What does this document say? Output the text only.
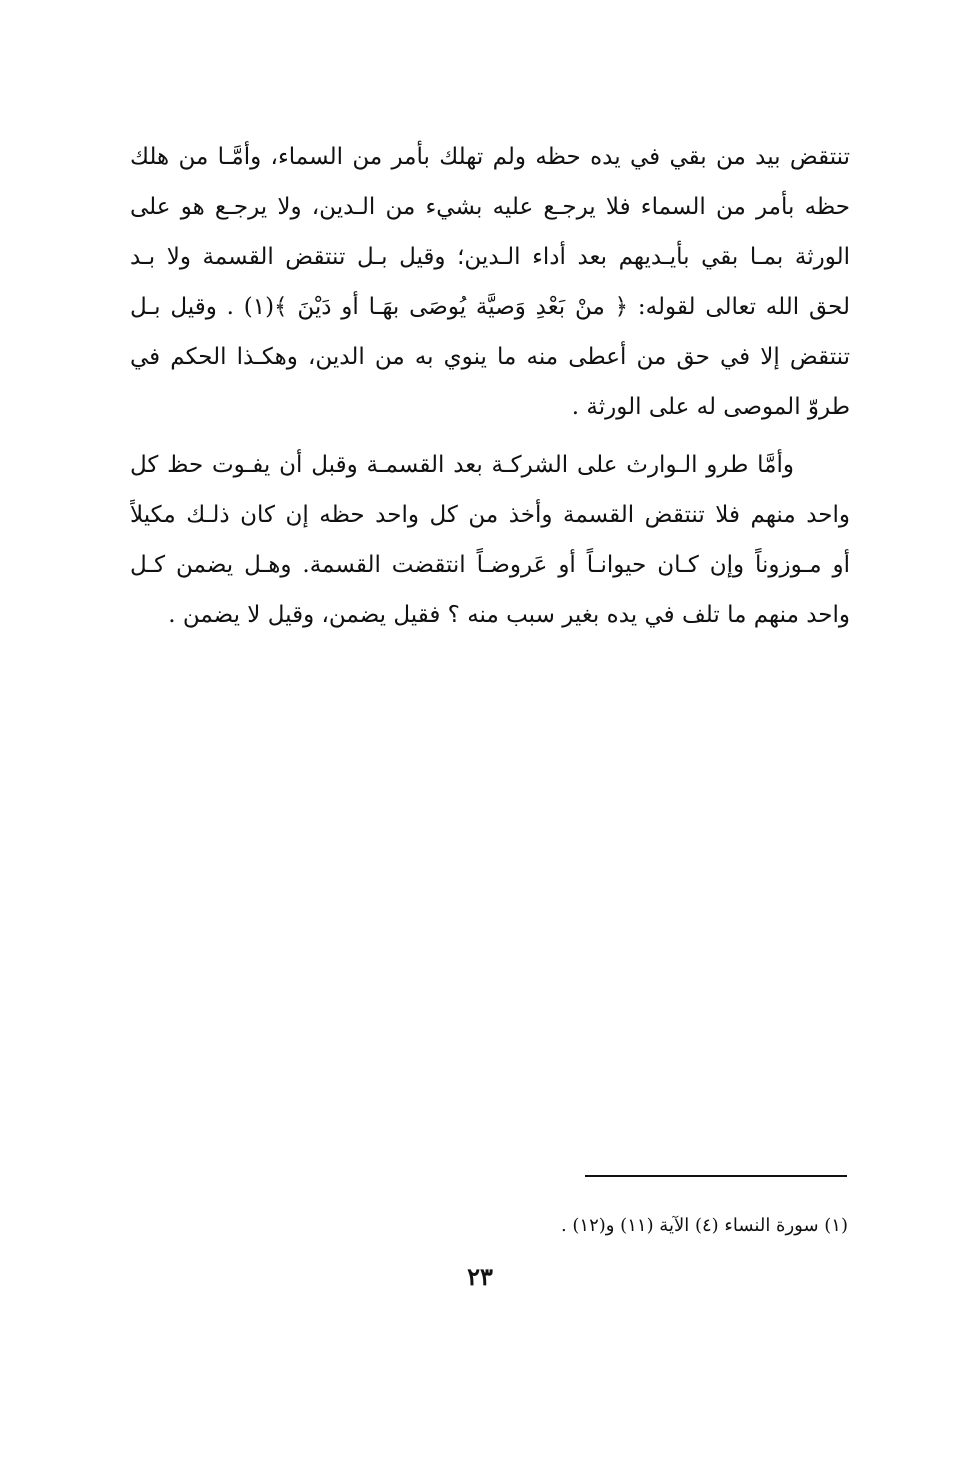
تنتقض بيد من بقي في يده حظه ولم تهلك بأمر من السماء، وأمَّـا من هلك
حظه بأمر من السماء فلا يرجـع عليه بشيء من الـدين، ولا يرجـع هو على
الورثة بمـا بقي بأيـديهم بعد أداء الـدين؛ وقيل بـل تنتقض القسمة ولا بـد
لحق الله تعالى لقوله: ﴿ منْ بَعْدِ وَصيَّة يُوصَى بهَـا أو دَيْنَ ﴾(١) . وقيل بـل
تنتقض إلا في حق من أعطى منه ما ينوي به من الدين، وهكـذا الحكم في
طروّ الموصى له على الورثة .
وأمَّا طرو الـوارث على الشركـة بعد القسمـة وقبل أن يفـوت حظ كل
واحد منهم فلا تنتقض القسمة وأخذ من كل واحد حظه إن كان ذلـك مكيلاً
أو مـوزوناً وإن كـان حيوانـاً أو عَروضـاً انتقضت القسمة. وهـل يضمن كـل
واحد منهم ما تلف في يده بغير سبب منه ؟ فقيل يضمن، وقيل لا يضمن .
(١) سورة النساء (٤) الآية (١١) و(١٢) .
٢٣
